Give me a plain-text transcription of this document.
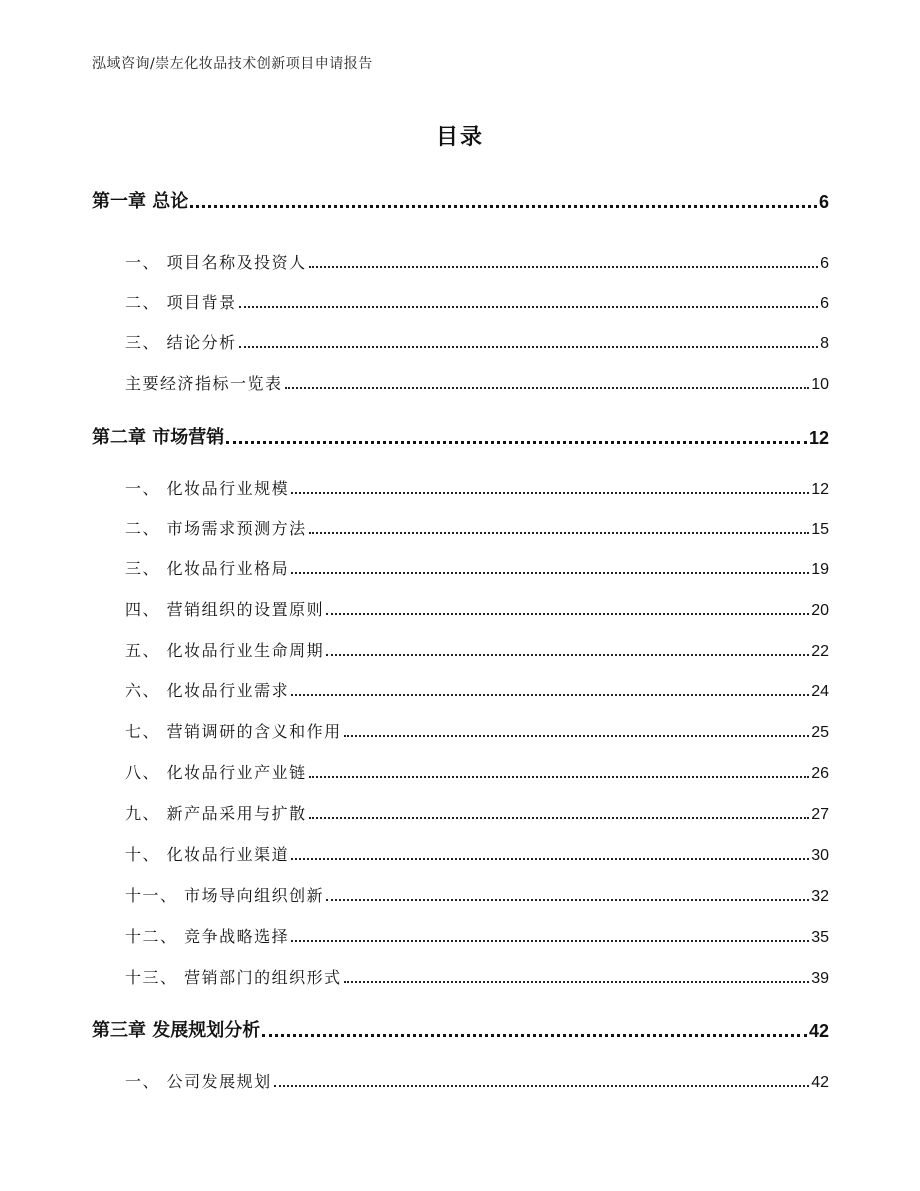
泓域咨询/崇左化妆品技术创新项目申请报告
目录
第一章 总论	6
一、 项目名称及投资人	6
二、 项目背景	6
三、 结论分析	8
主要经济指标一览表	10
第二章 市场营销	12
一、 化妆品行业规模	12
二、 市场需求预测方法	15
三、 化妆品行业格局	19
四、 营销组织的设置原则	20
五、 化妆品行业生命周期	22
六、 化妆品行业需求	24
七、 营销调研的含义和作用	25
八、 化妆品行业产业链	26
九、 新产品采用与扩散	27
十、 化妆品行业渠道	30
十一、 市场导向组织创新	32
十二、 竞争战略选择	35
十三、 营销部门的组织形式	39
第三章 发展规划分析	42
一、 公司发展规划	42
